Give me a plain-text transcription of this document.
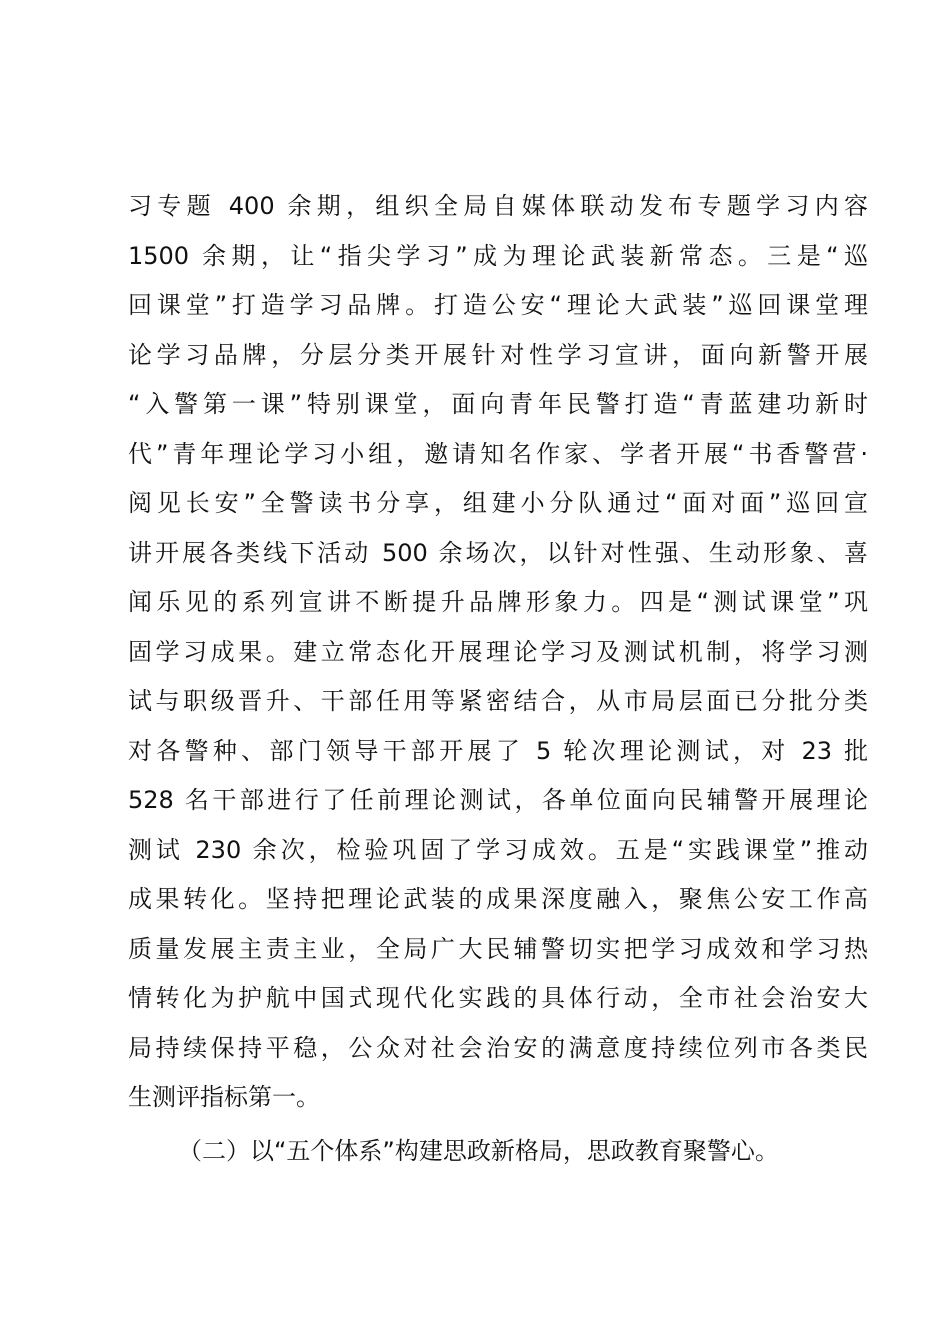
习专题 400 余期，组织全局自媒体联动发布专题学习内容
1500 余期，让“指尖学习”成为理论武装新常态。三是“巡
回课堂”打造学习品牌。打造公安“理论大武装”巡回课堂理
论学习品牌，分层分类开展针对性学习宣讲，面向新警开展
“入警第一课”特别课堂，面向青年民警打造“青蓝建功新时
代”青年理论学习小组，邀请知名作家、学者开展“书香警营·
阅见长安”全警读书分享，组建小分队通过“面对面”巡回宣
讲开展各类线下活动 500 余场次，以针对性强、生动形象、喜
闻乐见的系列宣讲不断提升品牌形象力。四是“测试课堂”巩
固学习成果。建立常态化开展理论学习及测试机制，将学习测
试与职级晋升、干部任用等紧密结合，从市局层面已分批分类
对各警种、部门领导干部开展了 5 轮次理论测试，对 23 批
528 名干部进行了任前理论测试，各单位面向民辅警开展理论
测试 230 余次，检验巩固了学习成效。五是“实践课堂”推动
成果转化。坚持把理论武装的成果深度融入，聚焦公安工作高
质量发展主责主业，全局广大民辅警切实把学习成效和学习热
情转化为护航中国式现代化实践的具体行动，全市社会治安大
局持续保持平稳，公众对社会治安的满意度持续位列市各类民
生测评指标第一。
（二）以“五个体系”构建思政新格局，思政教育聚警心。
